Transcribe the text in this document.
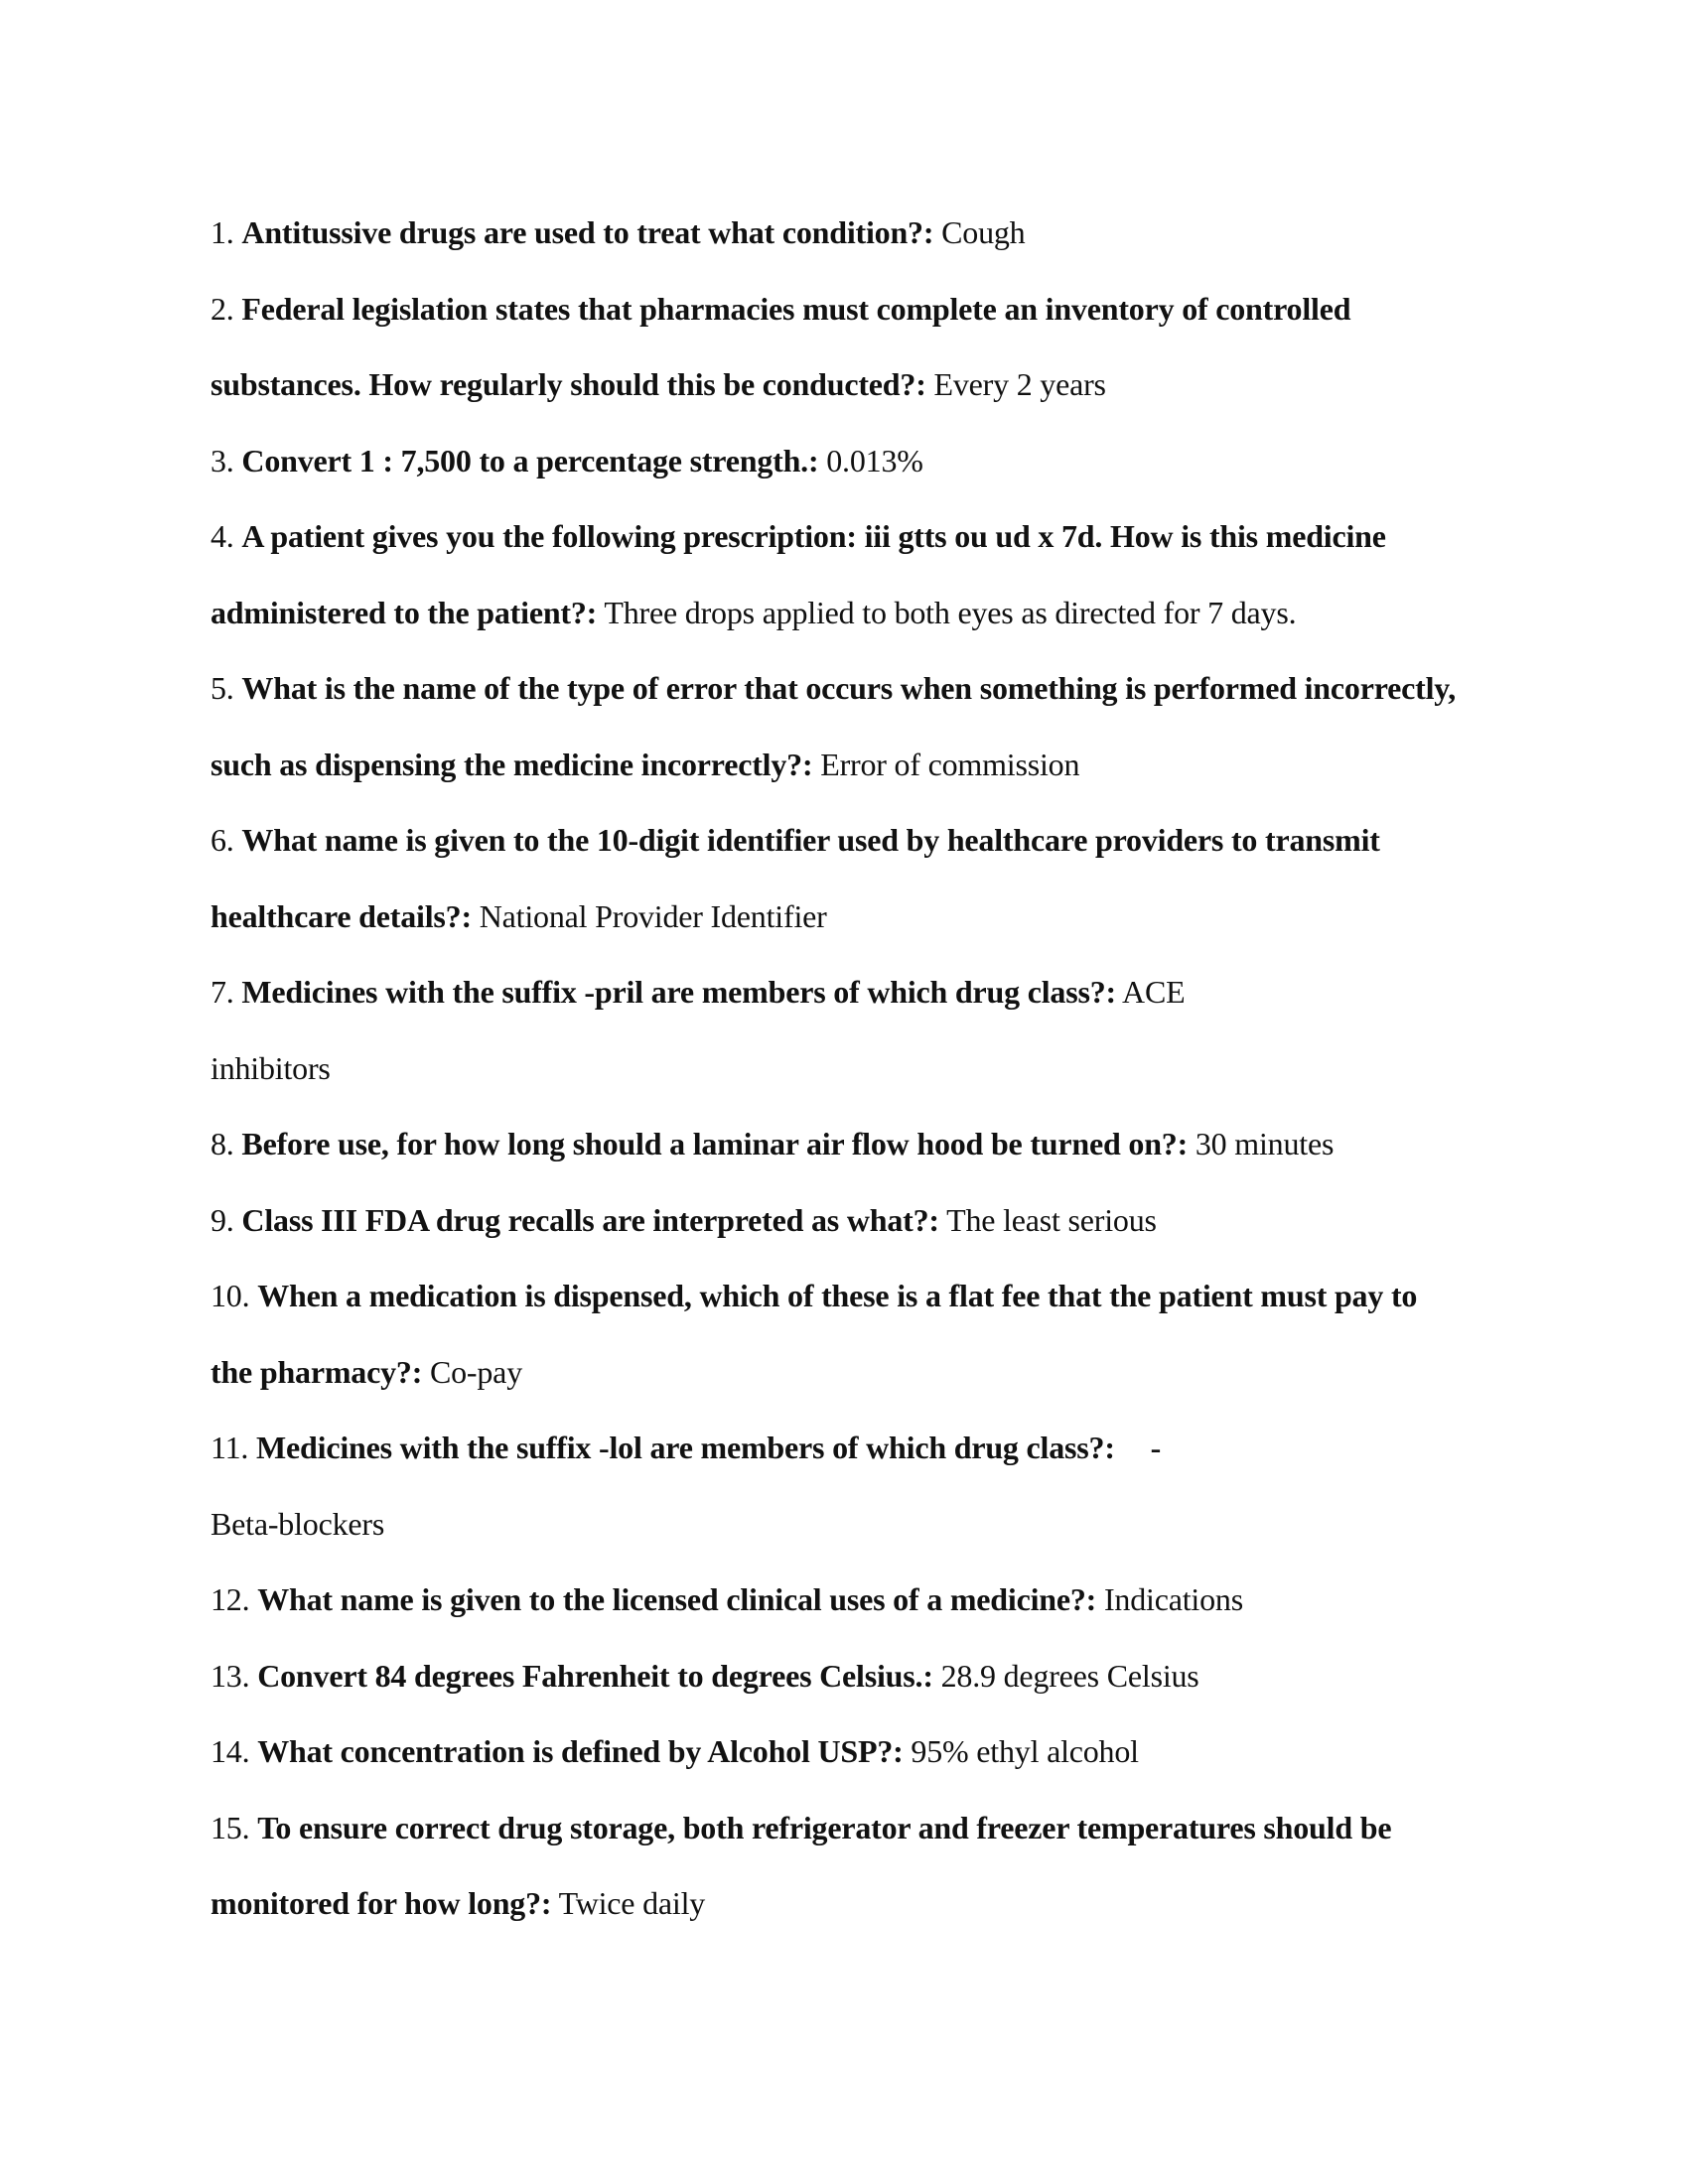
1. Antitussive drugs are used to treat what condition?: Cough

2. Federal legislation states that pharmacies must complete an inventory of controlled substances. How regularly should this be conducted?: Every 2 years

3. Convert 1 : 7,500 to a percentage strength.: 0.013%

4. A patient gives you the following prescription: iii gtts ou ud x 7d. How is this medicine administered to the patient?: Three drops applied to both eyes as directed for 7 days.

5. What is the name of the type of error that occurs when something is performed incorrectly, such as dispensing the medicine incorrectly?: Error of commission

6. What name is given to the 10-digit identifier used by healthcare providers to transmit healthcare details?: National Provider Identifier

7. Medicines with the suffix -pril are members of which drug class?: ACE
inhibitors

8. Before use, for how long should a laminar air flow hood be turned on?: 30 minutes

9. Class III FDA drug recalls are interpreted as what?: The least serious

10. When a medication is dispensed, which of these is a flat fee that the patient must pay to the pharmacy?: Co-pay

11. Medicines with the suffix -lol are members of which drug class?: -
Beta-blockers

12. What name is given to the licensed clinical uses of a medicine?: Indications

13. Convert 84 degrees Fahrenheit to degrees Celsius.: 28.9 degrees Celsius

14. What concentration is defined by Alcohol USP?: 95% ethyl alcohol

15. To ensure correct drug storage, both refrigerator and freezer temperatures should be monitored for how long?: Twice daily
